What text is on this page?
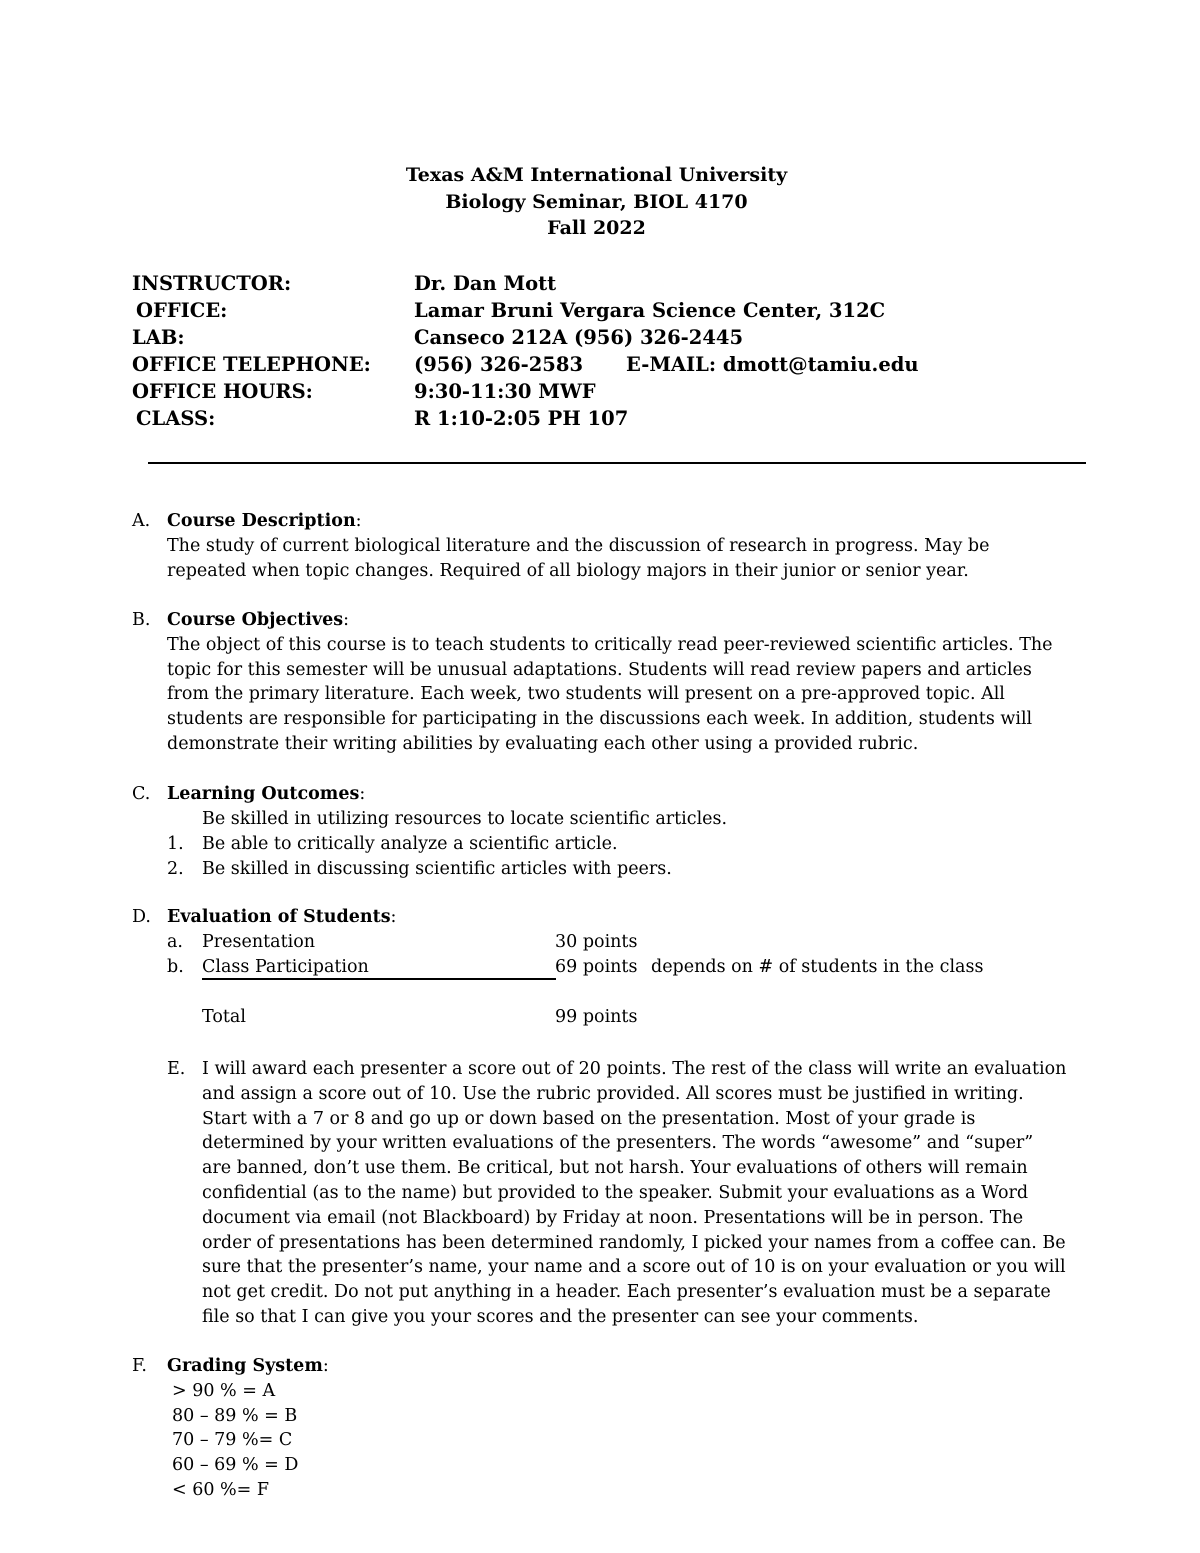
Texas A&M International University
Biology Seminar, BIOL 4170
Fall 2022
INSTRUCTOR:	Dr. Dan Mott
OFFICE:	Lamar Bruni Vergara Science Center, 312C
LAB:	Canseco 212A (956) 326-2445
OFFICE TELEPHONE: (956) 326-2583 E-MAIL: dmott@tamiu.edu
OFFICE HOURS:	9:30-11:30 MWF
CLASS:	R 1:10-2:05 PH 107
A. Course Description:

The study of current biological literature and the discussion of research in progress. May be repeated when topic changes. Required of all biology majors in their junior or senior year.

B. Course Objectives:

The object of this course is to teach students to critically read peer-reviewed scientific articles. The topic for this semester will be unusual adaptations. Students will read review papers and articles from the primary literature. Each week, two students will present on a pre-approved topic. All students are responsible for participating in the discussions each week. In addition, students will demonstrate their writing abilities by evaluating each other using a provided rubric.

C. Learning Outcomes:
Be skilled in utilizing resources to locate scientific articles.
1. Be able to critically analyze a scientific article.
2. Be skilled in discussing scientific articles with peers.
D. Evaluation of Students:
a. Presentation	30 points
b. Class Participation	69 points depends on # of students in the class
Total	99 points
E. I will award each presenter a score out of 20 points. The rest of the class will write an evaluation and assign a score out of 10. Use the rubric provided. All scores must be justified in writing. Start with a 7 or 8 and go up or down based on the presentation. Most of your grade is determined by your written evaluations of the presenters. The words “awesome” and “super” are banned, don’t use them. Be critical, but not harsh. Your evaluations of others will remain confidential (as to the name) but provided to the speaker. Submit your evaluations as a Word document via email (not Blackboard) by Friday at noon. Presentations will be in person. The order of presentations has been determined randomly, I picked your names from a coffee can. Be sure that the presenter’s name, your name and a score out of 10 is on your evaluation or you will not get credit. Do not put anything in a header. Each presenter’s evaluation must be a separate file so that I can give you your scores and the presenter can see your comments.

F. Grading System:
> 90 % = A
80 – 89 % = B
70 – 79 %= C
60 – 69 % = D
< 60 %= F
